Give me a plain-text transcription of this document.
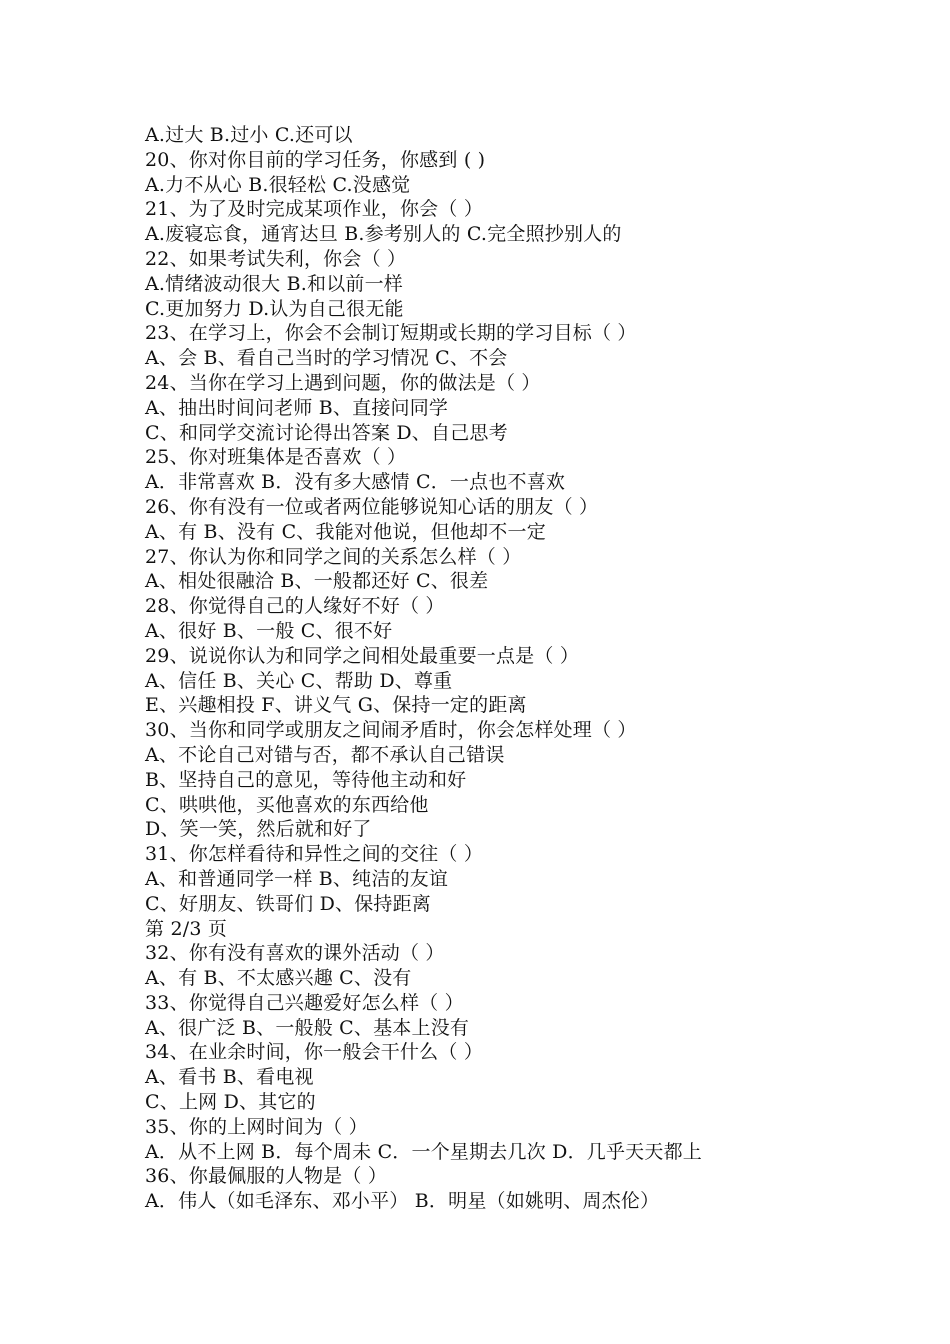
A.过大 B.过小 C.还可以
20、你对你目前的学习任务，你感到 ( )
A.力不从心 B.很轻松 C.没感觉
21、为了及时完成某项作业，你会（ ）
A.废寝忘食，通宵达旦 B.参考别人的 C.完全照抄别人的
22、如果考试失利，你会（ ）
A.情绪波动很大 B.和以前一样
C.更加努力 D.认为自己很无能
23、在学习上，你会不会制订短期或长期的学习目标（ ）
A、会 B、看自己当时的学习情况 C、不会
24、当你在学习上遇到问题，你的做法是（ ）
A、抽出时间问老师 B、直接问同学
C、和同学交流讨论得出答案 D、自己思考
25、你对班集体是否喜欢（ ）
A．非常喜欢 B．没有多大感情 C．一点也不喜欢
26、你有没有一位或者两位能够说知心话的朋友（ ）
A、有 B、没有 C、我能对他说，但他却不一定
27、你认为你和同学之间的关系怎么样（ ）
A、相处很融洽 B、一般都还好 C、很差
28、你觉得自己的人缘好不好（ ）
A、很好 B、一般 C、很不好
29、说说你认为和同学之间相处最重要一点是（ ）
A、信任 B、关心 C、帮助 D、尊重
E、兴趣相投 F、讲义气 G、保持一定的距离
30、当你和同学或朋友之间闹矛盾时，你会怎样处理（ ）
A、不论自己对错与否，都不承认自己错误
B、坚持自己的意见，等待他主动和好
C、哄哄他，买他喜欢的东西给他
D、笑一笑，然后就和好了
31、你怎样看待和异性之间的交往（ ）
A、和普通同学一样 B、纯洁的友谊
C、好朋友、铁哥们 D、保持距离
第 2/3 页
32、你有没有喜欢的课外活动（ ）
A、有 B、不太感兴趣 C、没有
33、你觉得自己兴趣爱好怎么样（ ）
A、很广泛 B、一般般 C、基本上没有
34、在业余时间，你一般会干什么（ ）
A、看书 B、看电视
C、上网 D、其它的
35、你的上网时间为（ ）
A．从不上网 B．每个周未 C．一个星期去几次 D．几乎天天都上
36、你最佩服的人物是（ ）
A．伟人（如毛泽东、邓小平） B．明星（如姚明、周杰伦）
